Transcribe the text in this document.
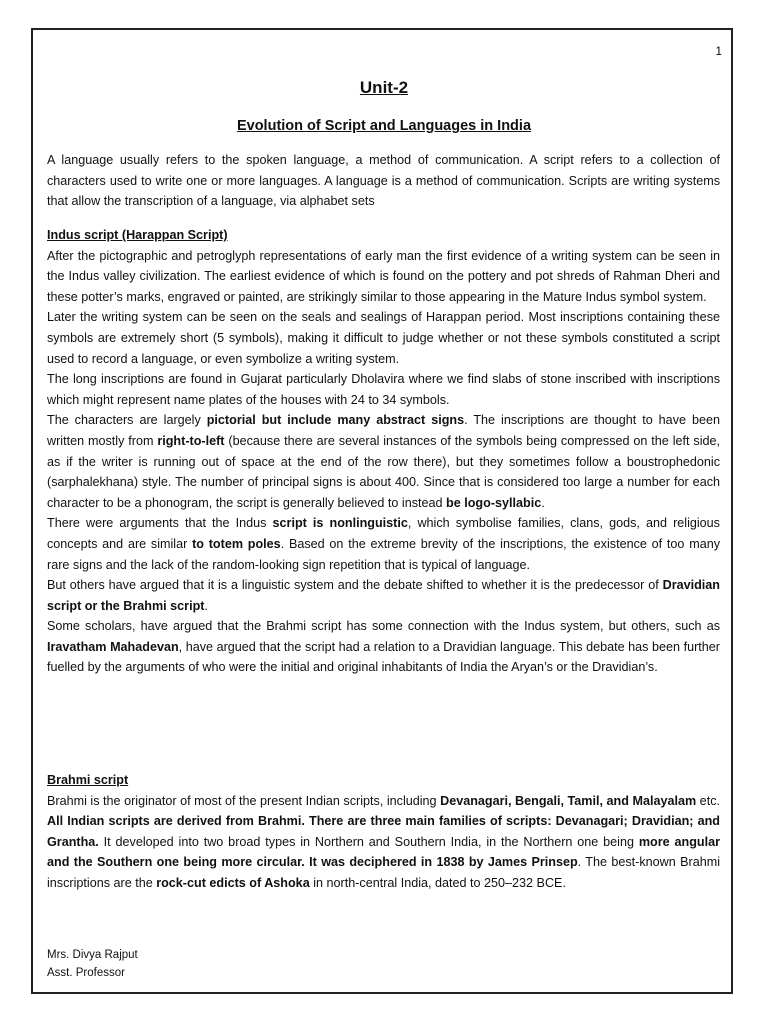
1
Unit-2
Evolution of Script and Languages in India

A language usually refers to the spoken language, a method of communication. A script refers to a collection of characters used to write one or more languages. A language is a method of communication. Scripts are writing systems that allow the transcription of a language, via alphabet sets

Indus script (Harappan Script)

After the pictographic and petroglyph representations of early man the first evidence of a writing system can be seen in the Indus valley civilization. The earliest evidence of which is found on the pottery and pot shreds of Rahman Dheri and these potter’s marks, engraved or painted, are strikingly similar to those appearing in the Mature Indus symbol system.

Later the writing system can be seen on the seals and sealings of Harappan period. Most inscriptions containing these symbols are extremely short (5 symbols), making it difficult to judge whether or not these symbols constituted a script used to record a language, or even symbolize a writing system.

The long inscriptions are found in Gujarat particularly Dholavira where we find slabs of stone inscribed with inscriptions which might represent name plates of the houses with 24 to 34 symbols.

The characters are largely pictorial but include many abstract signs. The inscriptions are thought to have been written mostly from right-to-left (because there are several instances of the symbols being compressed on the left side, as if the writer is running out of space at the end of the row there), but they sometimes follow a boustrophedonic (sarphalekhana) style. The number of principal signs is about 400. Since that is considered too large a number for each character to be a phonogram, the script is generally believed to instead be logo-syllabic.

There were arguments that the Indus script is nonlinguistic, which symbolise families, clans, gods, and religious concepts and are similar to totem poles. Based on the extreme brevity of the inscriptions, the existence of too many rare signs and the lack of the random-looking sign repetition that is typical of language.

But others have argued that it is a linguistic system and the debate shifted to whether it is the predecessor of Dravidian script or the Brahmi script.

Some scholars, have argued that the Brahmi script has some connection with the Indus system, but others, such as Iravatham Mahadevan, have argued that the script had a relation to a Dravidian language. This debate has been further fuelled by the arguments of who were the initial and original inhabitants of India the Aryan’s or the Dravidian’s.

Brahmi script

Brahmi is the originator of most of the present Indian scripts, including Devanagari, Bengali, Tamil, and Malayalam etc. All Indian scripts are derived from Brahmi. There are three main families of scripts: Devanagari; Dravidian; and Grantha. It developed into two broad types in Northern and Southern India, in the Northern one being more angular and the Southern one being more circular. It was deciphered in 1838 by James Prinsep. The best-known Brahmi inscriptions are the rock-cut edicts of Ashoka in north-central India, dated to 250–232 BCE.

Mrs. Divya Rajput
Asst. Professor
